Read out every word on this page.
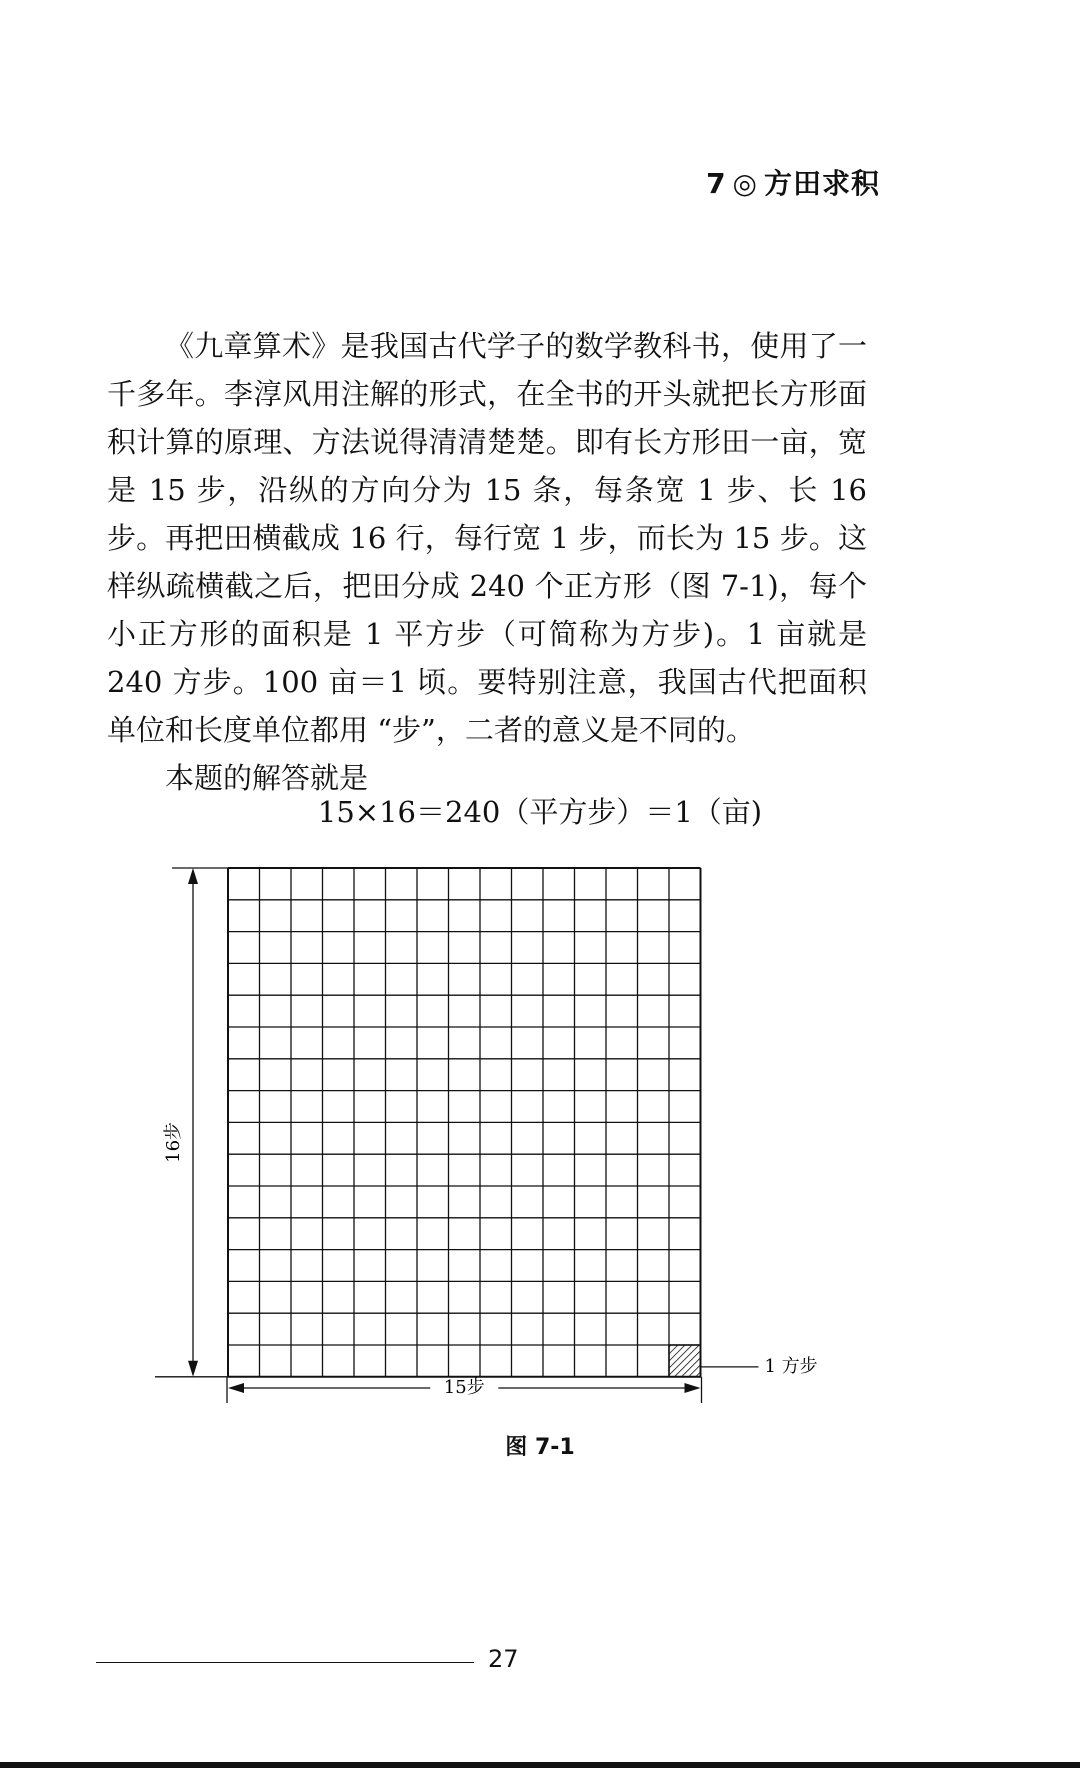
7 ◎ 方田求积

《九章算术》是我国古代学子的数学教科书，使用了一千多年。李淳风用注解的形式，在全书的开头就把长方形面积计算的原理、方法说得清清楚楚。即有长方形田一亩，宽是 15 步，沿纵的方向分为 15 条，每条宽 1 步、长 16 步。再把田横截成 16 行，每行宽 1 步，而长为 15 步。这样纵疏横截之后，把田分成 240 个正方形（图 7-1)，每个小正方形的面积是 1 平方步（可简称为方步)。1 亩就是 240 方步。100 亩＝1 顷。要特别注意，我国古代把面积单位和长度单位都用 “步”，二者的意义是不同的。

本题的解答就是

15×16＝240（平方步）＝1（亩)
16步
15步
1 方步
图 7-1
27
